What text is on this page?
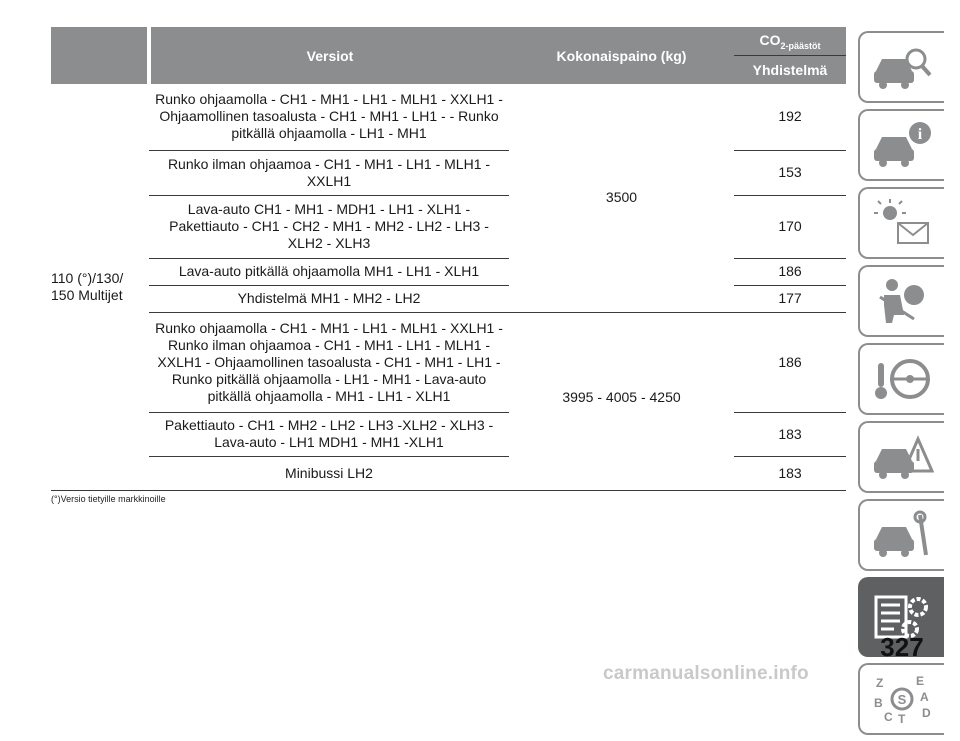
	Versiot	Kokonaispaino (kg)	$CO_{2-päästöt}$
			Yhdistelmä
110 (°)/130/ 150 Multijet	Runko ohjaamolla - CH1 - MH1 - LH1 - MLH1 - XXLH1 - Ohjaamollinen tasoalusta - CH1 - MH1 - LH1 - - Runko pitkällä ohjaamolla - LH1 - MH1	3500	192
	Runko ilman ohjaamoa - CH1 - MH1 - LH1 - MLH1 - XXLH1		153
	Lava-auto CH1 - MH1 - MDH1 - LH1 - XLH1 - Pakettiauto - CH1 - CH2 - MH1 - MH2 - LH2 - LH3 - XLH2 - XLH3		170
	Lava-auto pitkällä ohjaamolla MH1 - LH1 - XLH1		186
	Yhdistelmä MH1 - MH2 - LH2		177
	Runko ohjaamolla - CH1 - MH1 - LH1 - MLH1 - XXLH1 - Runko ilman ohjaamoa - CH1 - MH1 - LH1 - MLH1 - XXLH1 - Ohjaamollinen tasoalusta - CH1 - MH1 - LH1 - Runko pitkällä ohjaamolla - LH1 - MH1 - Lava-auto pitkällä ohjaamolla - MH1 - LH1 - XLH1	3995 - 4005 - 4250	186
	Pakettiauto - CH1 - MH2 - LH2 - LH3 -XLH2 - XLH3 - Lava-auto - LH1 MDH1 - MH1 -XLH1		183
	Minibussi LH2		183
(°)Versio tietyille markkinoille
i
S
Z	E
A
B
D
C T
327
carmanualsonline.info
